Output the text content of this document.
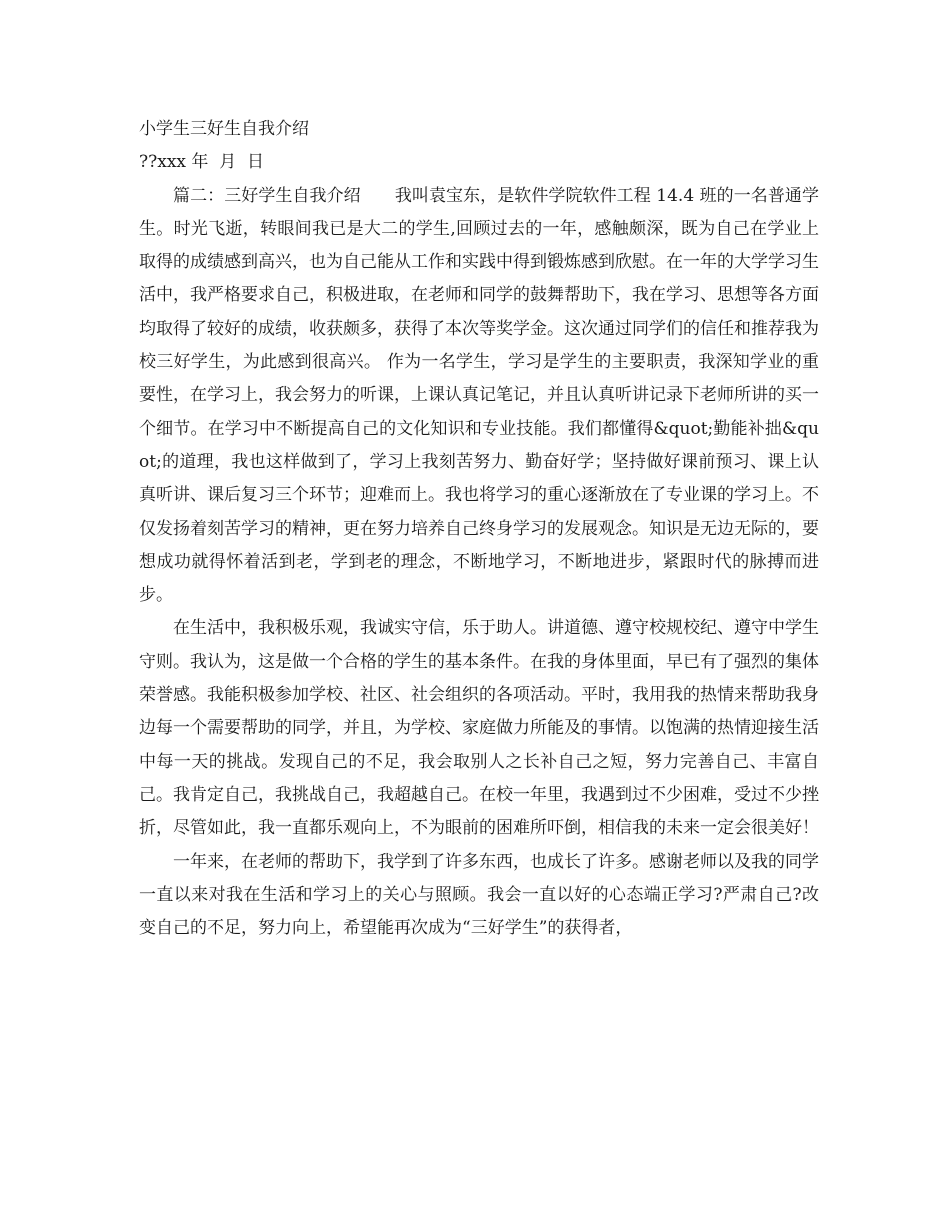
小学生三好生自我介绍

??xxx 年  月  日

篇二：三好学生自我介绍　　我叫袁宝东，是软件学院软件工程 14.4 班的一名普通学生。时光飞逝，转眼间我已是大二的学生,回顾过去的一年，感触颇深，既为自己在学业上取得的成绩感到高兴，也为自己能从工作和实践中得到锻炼感到欣慰。在一年的大学学习生活中，我严格要求自己，积极进取，在老师和同学的鼓舞帮助下，我在学习、思想等各方面均取得了较好的成绩，收获颇多，获得了本次等奖学金。这次通过同学们的信任和推荐我为校三好学生，为此感到很高兴。 作为一名学生，学习是学生的主要职责，我深知学业的重要性，在学习上，我会努力的听课，上课认真记笔记，并且认真听讲记录下老师所讲的买一个细节。在学习中不断提高自己的文化知识和专业技能。我们都懂得&quot;勤能补拙&quot;的道理，我也这样做到了，学习上我刻苦努力、勤奋好学；坚持做好课前预习、课上认真听讲、课后复习三个环节；迎难而上。我也将学习的重心逐渐放在了专业课的学习上。不仅发扬着刻苦学习的精神，更在努力培养自己终身学习的发展观念。知识是无边无际的，要想成功就得怀着活到老，学到老的理念，不断地学习，不断地进步，紧跟时代的脉搏而进步。

在生活中，我积极乐观，我诚实守信，乐于助人。讲道德、遵守校规校纪、遵守中学生守则。我认为，这是做一个合格的学生的基本条件。在我的身体里面，早已有了强烈的集体荣誉感。我能积极参加学校、社区、社会组织的各项活动。平时，我用我的热情来帮助我身边每一个需要帮助的同学，并且，为学校、家庭做力所能及的事情。以饱满的热情迎接生活中每一天的挑战。发现自己的不足，我会取别人之长补自己之短，努力完善自己、丰富自己。我肯定自己，我挑战自己，我超越自己。在校一年里，我遇到过不少困难，受过不少挫折，尽管如此，我一直都乐观向上，不为眼前的困难所吓倒，相信我的未来一定会很美好！

一年来，在老师的帮助下，我学到了许多东西，也成长了许多。感谢老师以及我的同学一直以来对我在生活和学习上的关心与照顾。我会一直以好的心态端正学习?严肃自己?改变自己的不足，努力向上，希望能再次成为“三好学生”的获得者，
